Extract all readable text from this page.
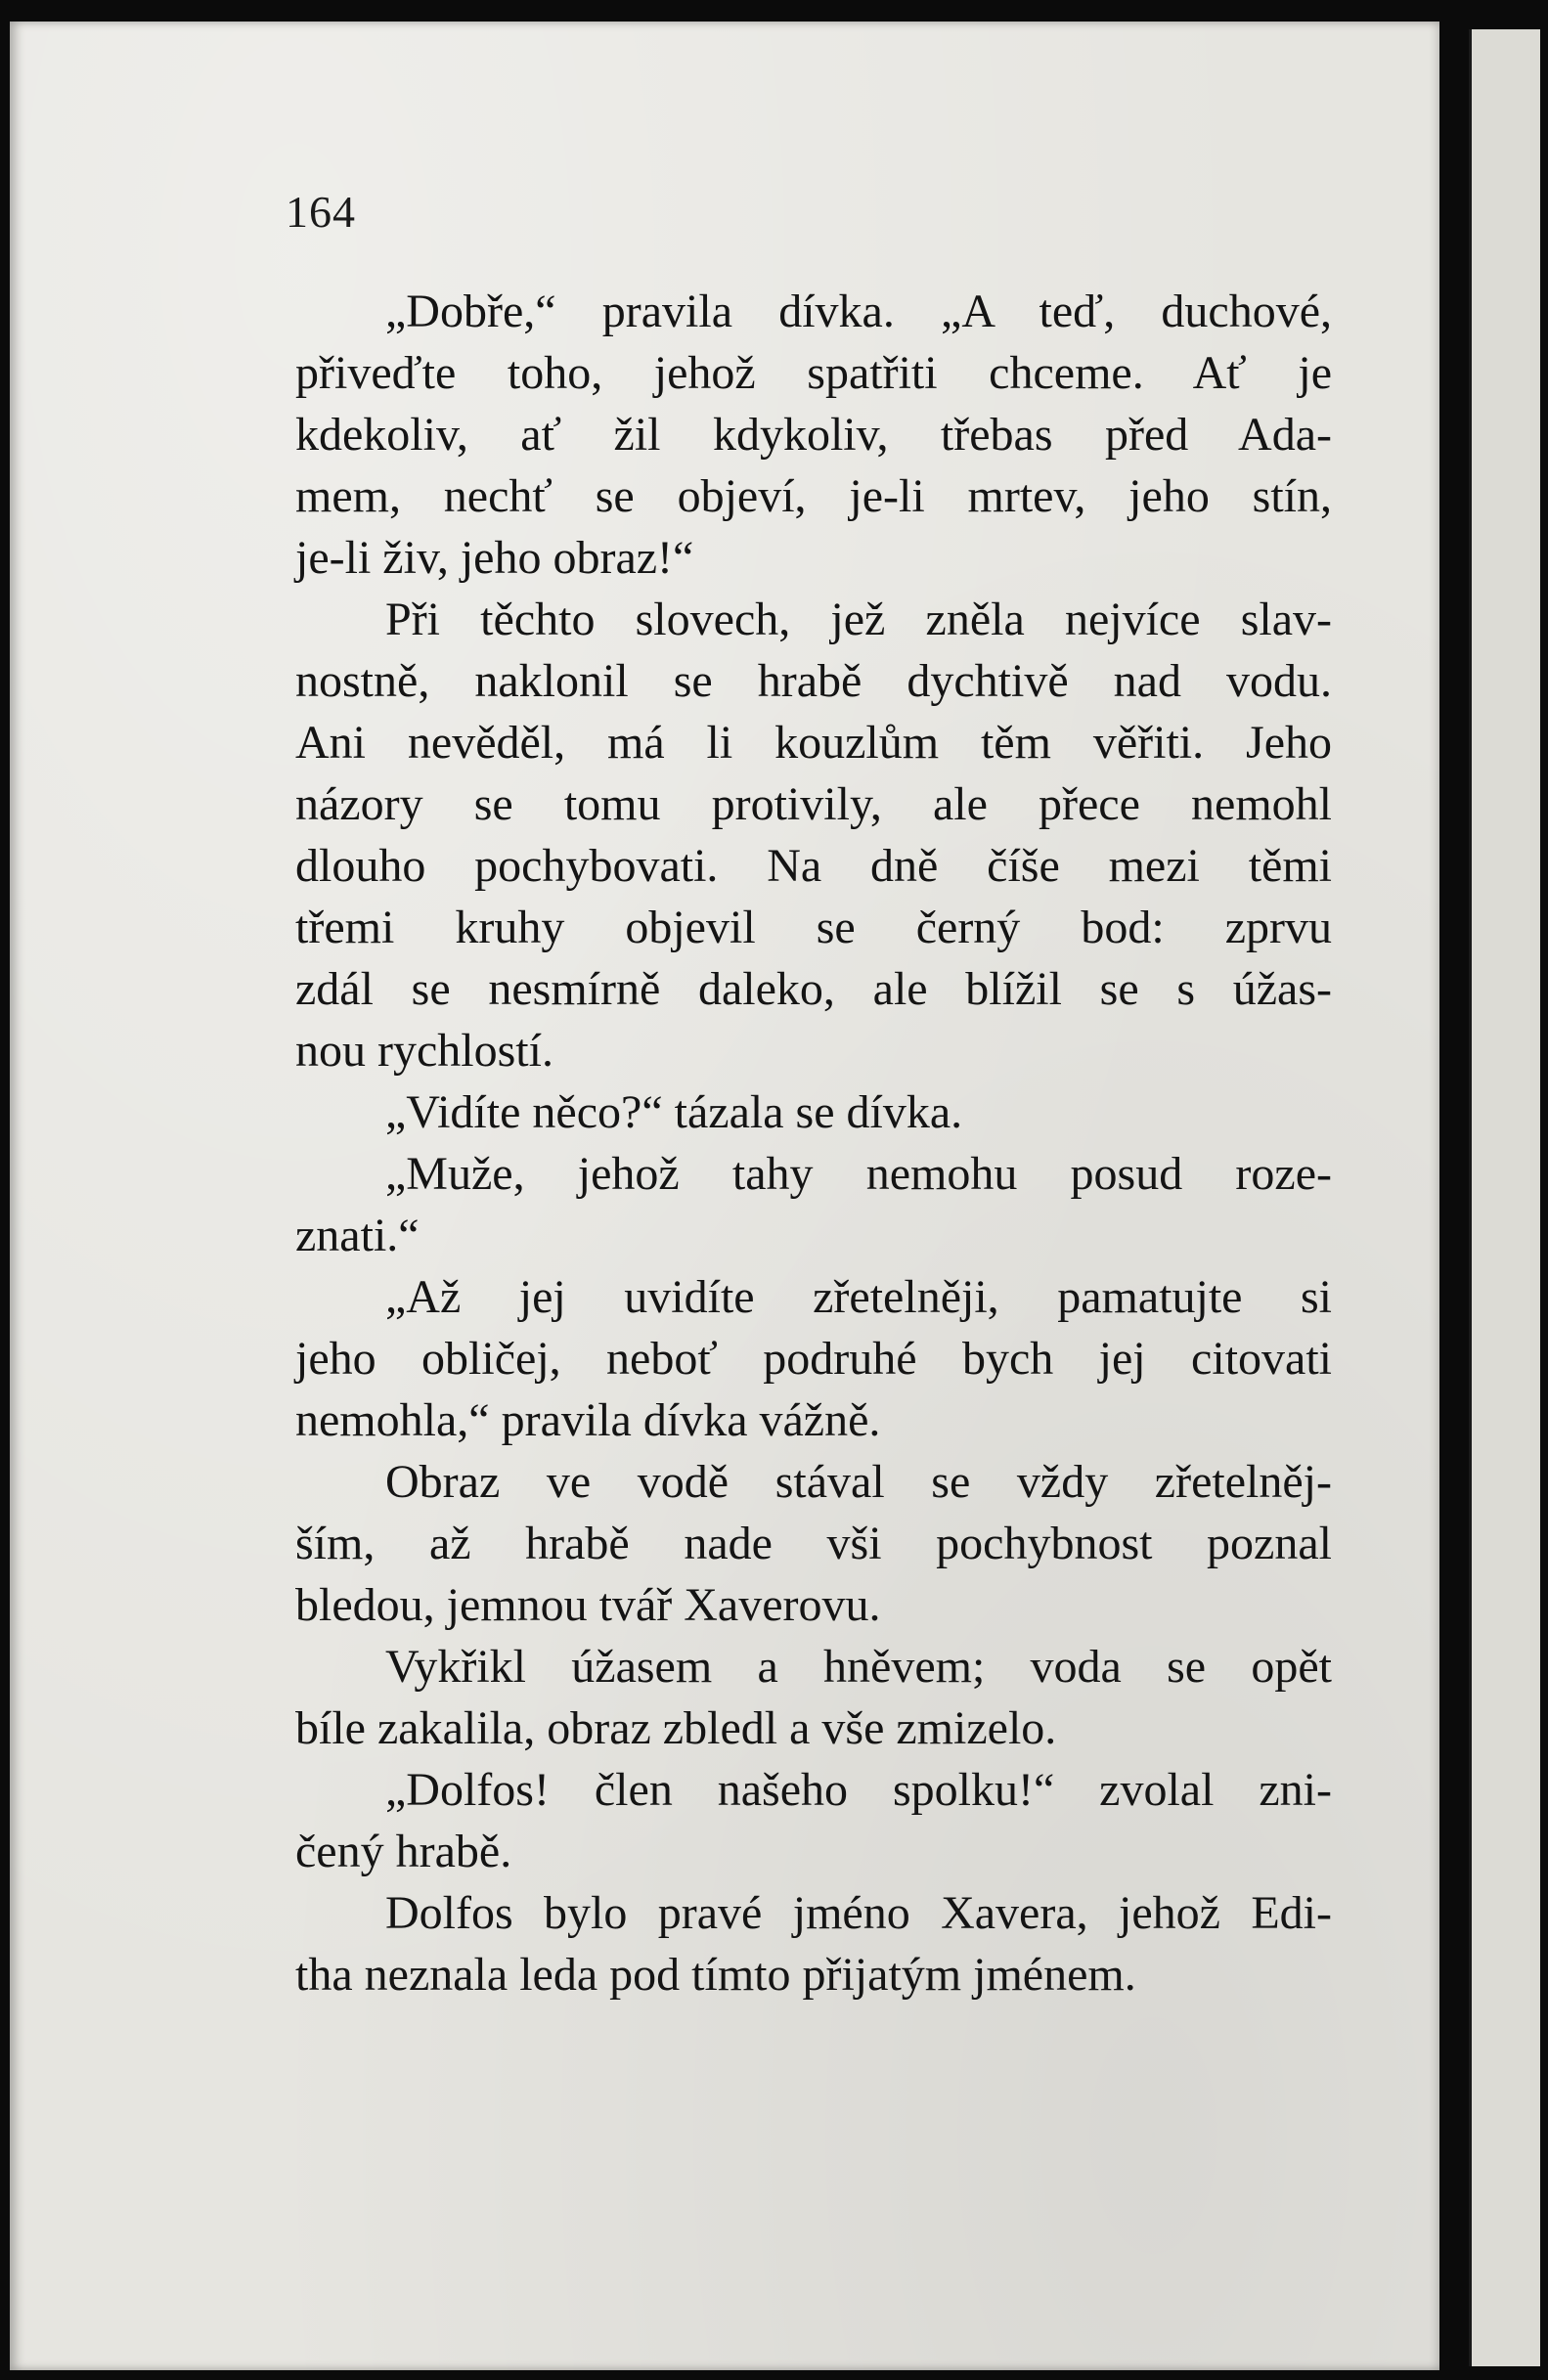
164
„Dobře,“ pravila dívka. „A teď, duchové,
přiveďte toho, jehož spatřiti chceme. Ať je
kdekoliv, ať žil kdykoliv, třebas před Ada-
mem, nechť se objeví, je-li mrtev, jeho stín,
je-li živ, jeho obraz!“
Při těchto slovech, jež zněla nejvíce slav-
nostně, naklonil se hrabě dychtivě nad vodu.
Ani nevěděl, má li kouzlům těm věřiti. Jeho
názory se tomu protivily, ale přece nemohl
dlouho pochybovati. Na dně číše mezi těmi
třemi kruhy objevil se černý bod: zprvu
zdál se nesmírně daleko, ale blížil se s úžas-
nou rychlostí.
„Vidíte něco?“ tázala se dívka.
„Muže, jehož tahy nemohu posud roze-
znati.“
„Až jej uvidíte zřetelněji, pamatujte si
jeho obličej, neboť podruhé bych jej citovati
nemohla,“ pravila dívka vážně.
Obraz ve vodě stával se vždy zřetelněj-
ším, až hrabě nade vši pochybnost poznal
bledou, jemnou tvář Xaverovu.
Vykřikl úžasem a hněvem; voda se opět
bíle zakalila, obraz zbledl a vše zmizelo.
„Dolfos! člen našeho spolku!“ zvolal zni-
čený hrabě.
Dolfos bylo pravé jméno Xavera, jehož Edi-
tha neznala leda pod tímto přijatým jménem.
